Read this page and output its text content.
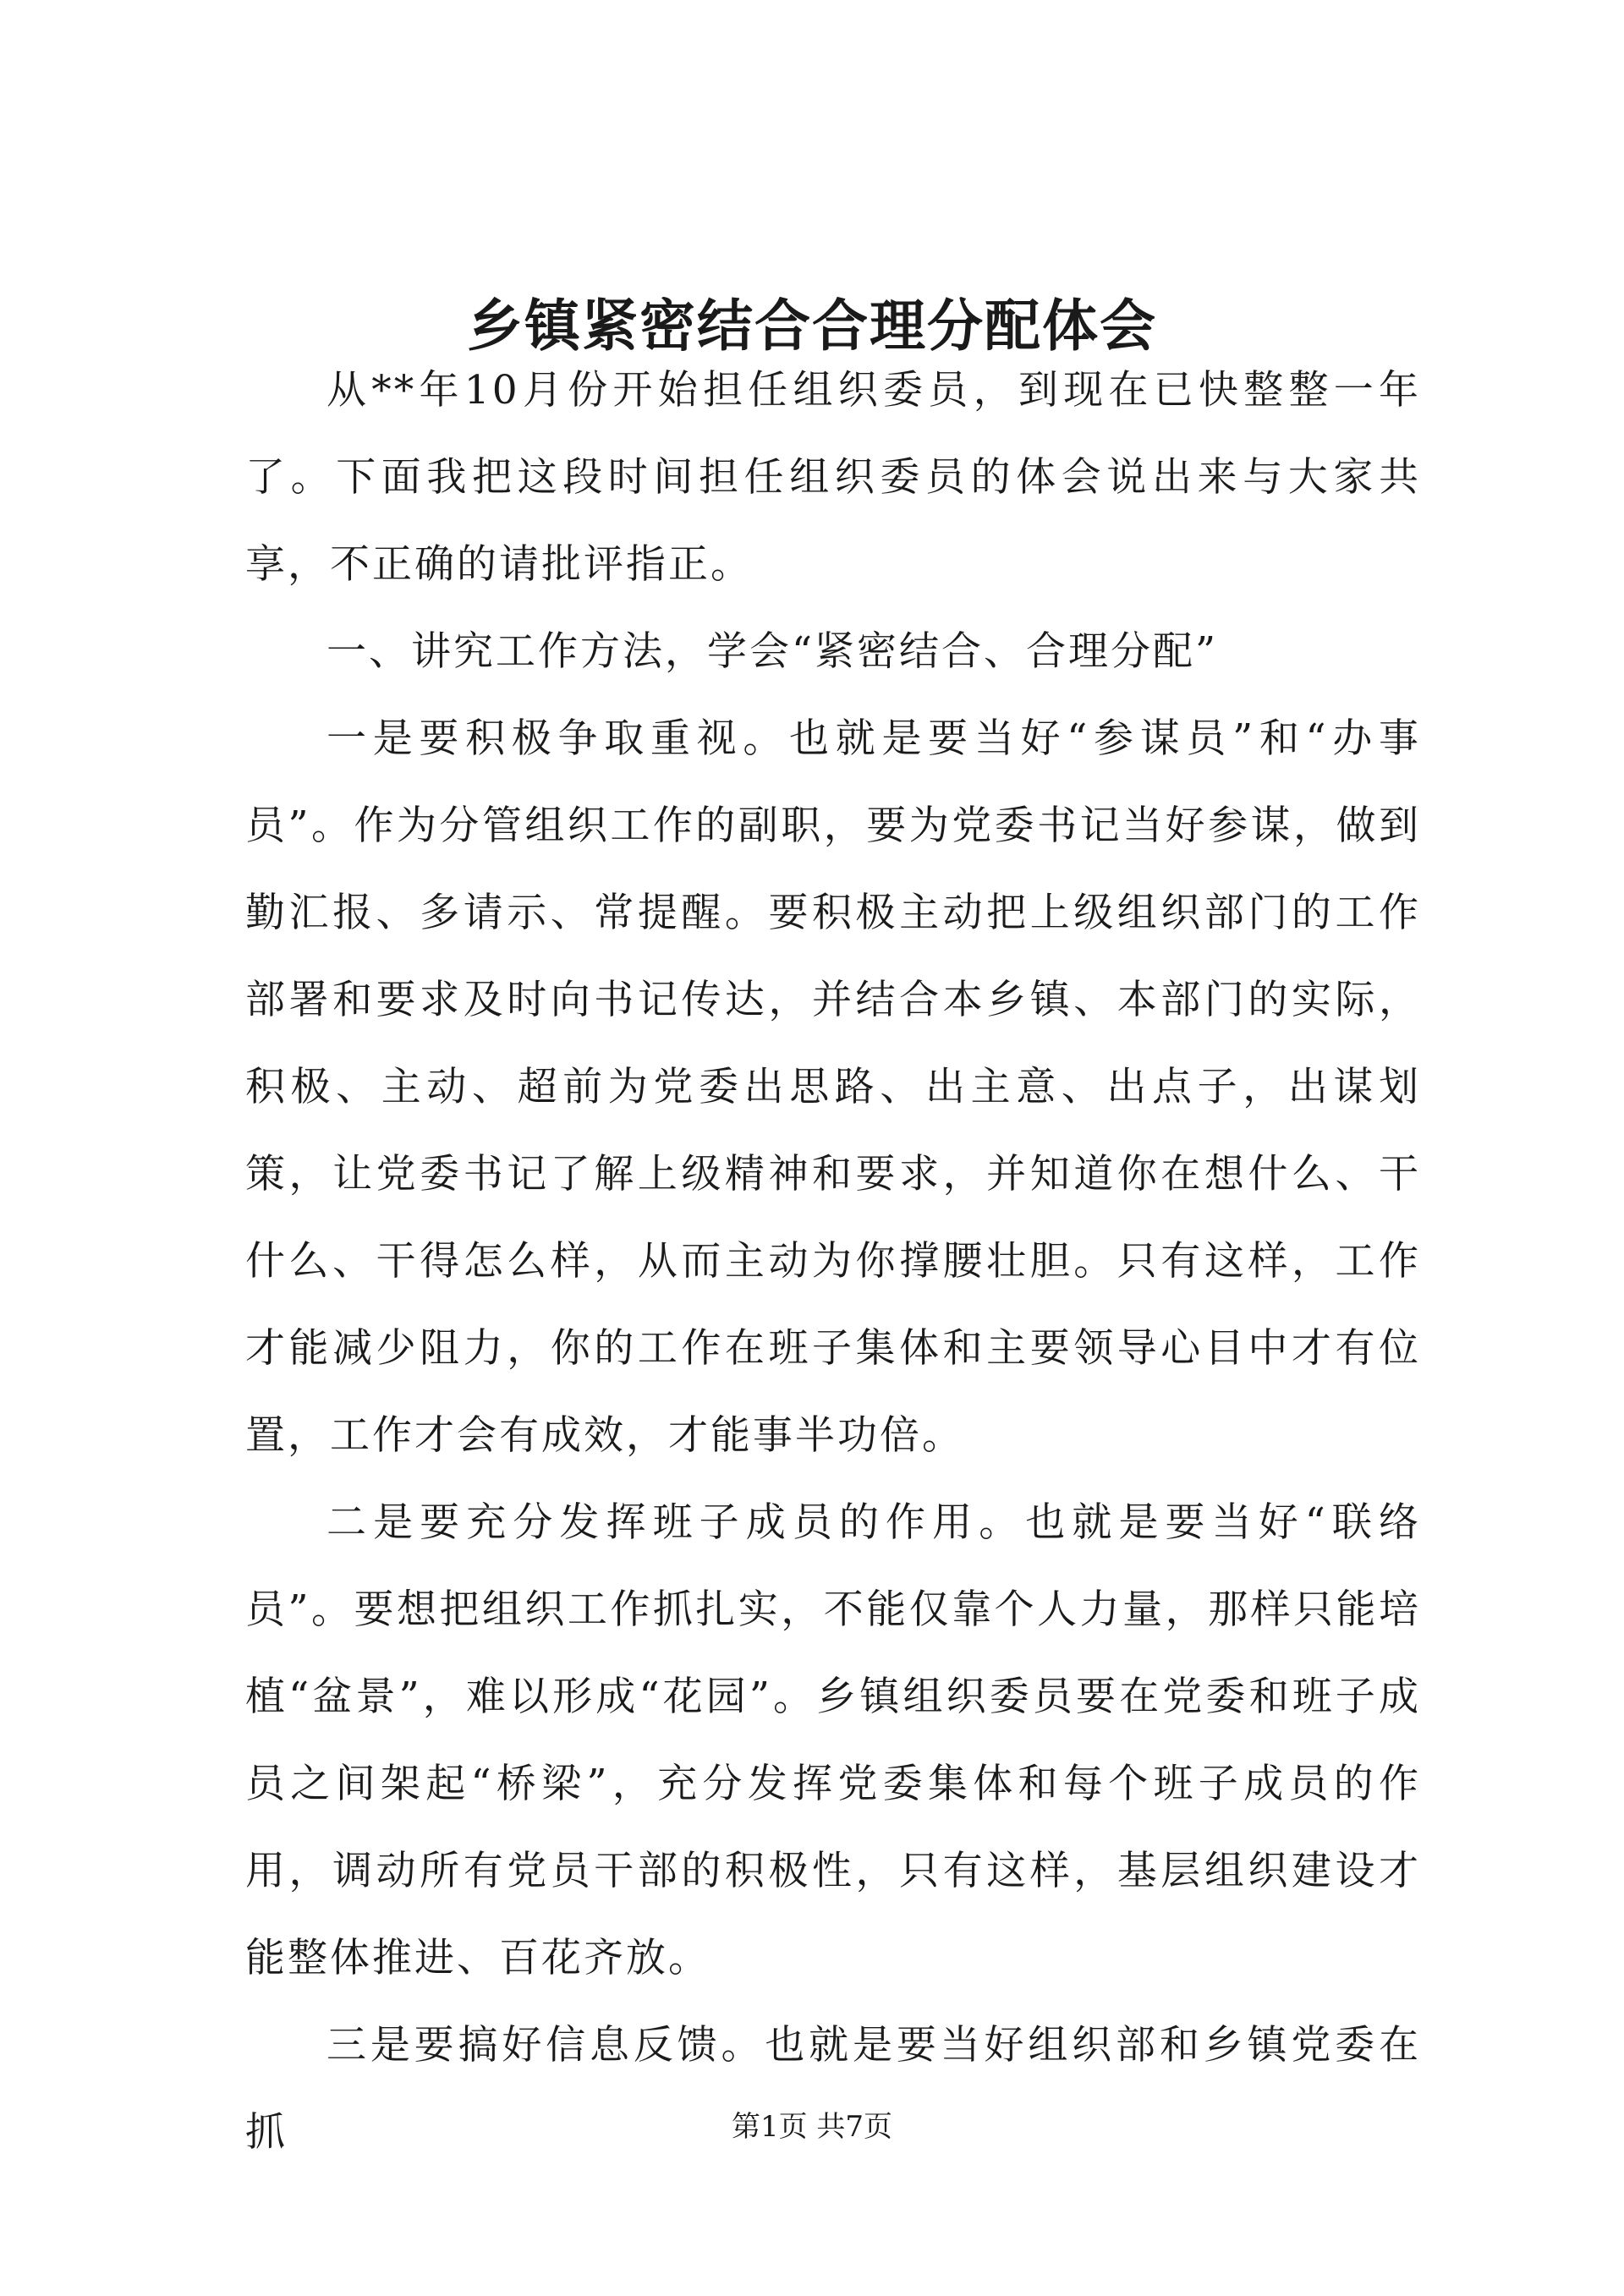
乡镇紧密结合合理分配体会

从**年10月份开始担任组织委员，到现在已快整整一年了。下面我把这段时间担任组织委员的体会说出来与大家共享，不正确的请批评指正。

一、讲究工作方法，学会“紧密结合、合理分配”

一是要积极争取重视。也就是要当好“参谋员”和“办事员”。作为分管组织工作的副职，要为党委书记当好参谋，做到勤汇报、多请示、常提醒。要积极主动把上级组织部门的工作部署和要求及时向书记传达，并结合本乡镇、本部门的实际，积极、主动、超前为党委出思路、出主意、出点子，出谋划策，让党委书记了解上级精神和要求，并知道你在想什么、干什么、干得怎么样，从而主动为你撑腰壮胆。只有这样，工作才能减少阻力，你的工作在班子集体和主要领导心目中才有位置，工作才会有成效，才能事半功倍。

二是要充分发挥班子成员的作用。也就是要当好“联络员”。要想把组织工作抓扎实，不能仅靠个人力量，那样只能培植“盆景”，难以形成“花园”。乡镇组织委员要在党委和班子成员之间架起“桥梁”，充分发挥党委集体和每个班子成员的作用，调动所有党员干部的积极性，只有这样，基层组织建设才能整体推进、百花齐放。

三是要搞好信息反馈。也就是要当好组织部和乡镇党委在抓	第1页 共7页
